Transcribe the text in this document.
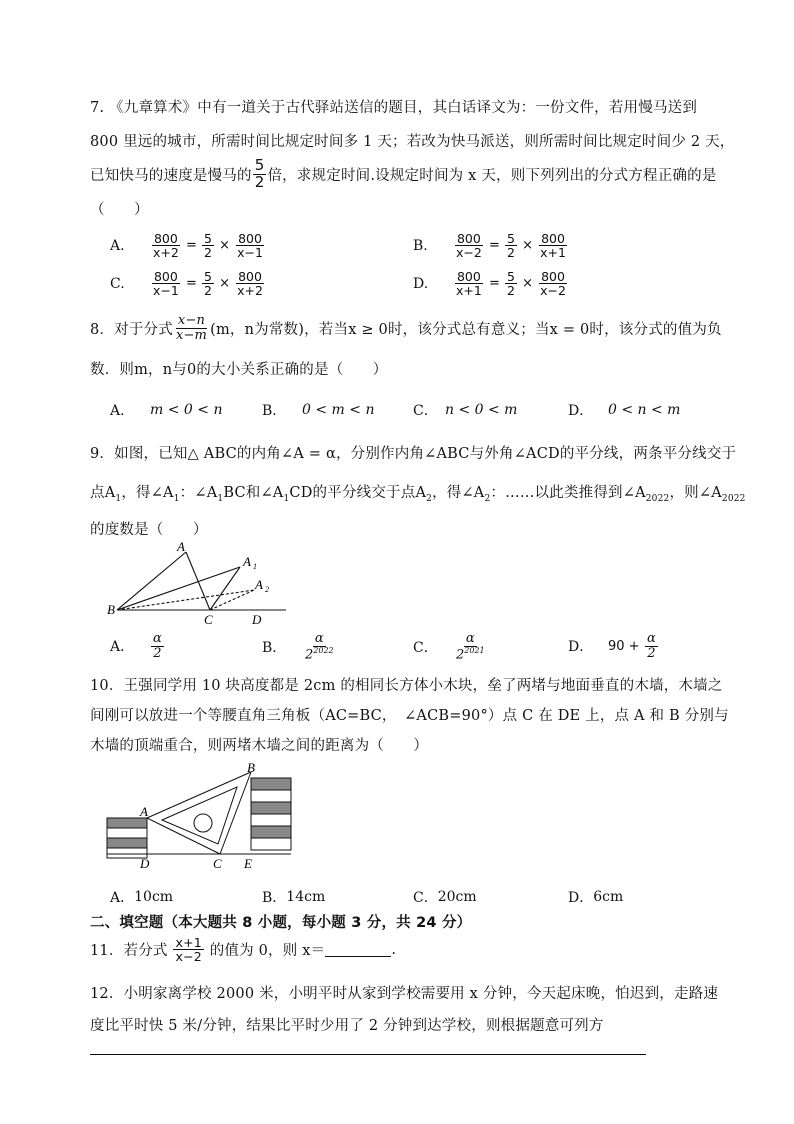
7. 《九章算术》中有一道关于古代驿站送信的题目，其白话译文为：一份文件，若用慢马送到
800 里远的城市，所需时间比规定时间多 1 天；若改为快马派送，则所需时间比规定时间少 2 天，
已知快马的速度是慢马的 $\frac{5}{2}$ 倍，求规定时间.设规定时间为 x 天，则下列列出的分式方程正确的是
（　　）
A.	$\frac{800}{x+2} = \frac{5}{2} \times \frac{800}{x-1}$	B.	$\frac{800}{x-2} = \frac{5}{2} \times \frac{800}{x+1}$
C.	$\frac{800}{x-1} = \frac{5}{2} \times \frac{800}{x+2}$	D.	$\frac{800}{x+1} = \frac{5}{2} \times \frac{800}{x-2}$
8．对于分式 $\frac{x-n}{x-m} (m$，n为常数)，若当x ≥ 0时，该分式总有意义；当x = 0时，该分式的值为负
数．则m，n与0的大小关系正确的是（　　）
A．	m < 0 < n	B．	0 < m < n	C． n < 0 < m	D．	0 < n < m
9．如图，已知△ ABC的内角∠A = α，分别作内角∠ABC与外角∠ACD的平分线，两条平分线交于
点$A_1$，得$\angle A_1$：$\angle A_1BC$和$\angle A_1CD$的平分线交于点$A_2$，得$\angle A_2$：……以此类推得到$\angle A_{2022}$，则$\angle A_{2022}$
的度数是（　　）
A
A 1
A 2
B
C	D
A．	$\frac{\alpha}{2}$	B．	$\frac{\alpha}{2^{2022}}$	C．	$\frac{\alpha}{2^{2021}}$	D．	90 +
$\frac{\alpha}{2}$
10．王强同学用 10 块高度都是 2cm 的相同长方体小木块，垒了两堵与地面垂直的木墙，木墙之
间刚可以放进一个等腰直角三角板（AC=BC，　∠ACB=90°）点 C 在 DE 上，点 A 和 B 分别与
木墙的顶端重合，则两堵木墙之间的距离为（　　）
A
B
C
D	E
A． 10cm	B． 14cm	C． 20cm	D． 6cm
二、填空题（本大题共 8 小题，每小题 3 分，共 24 分）
11．若分式
$\frac{x+1}{x-2}$
的值为 0，则 x＝	.
12．小明家离学校 2000 米，小明平时从家到学校需要用 x 分钟，今天起床晚，怕迟到，走路速
度比平时快 5 米/分钟，结果比平时少用了 2 分钟到达学校，则根据题意可列方
